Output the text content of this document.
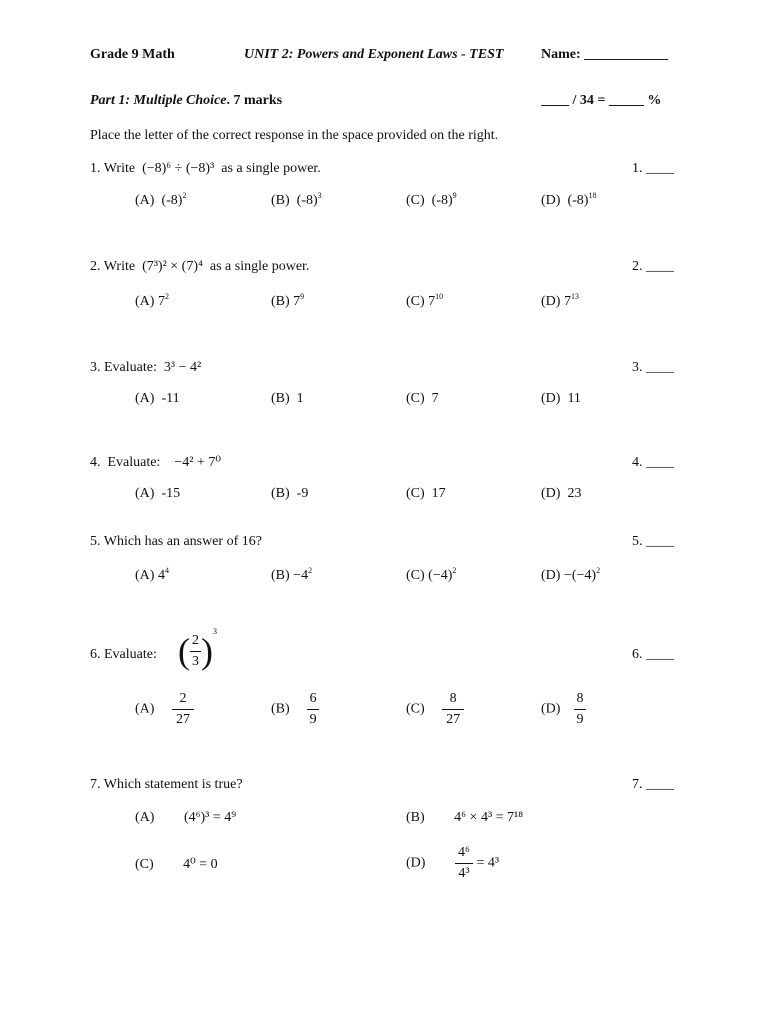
Grade 9 Math	UNIT 2: Powers and Exponent Laws - TEST	Name: ____________
Part 1: Multiple Choice. 7 marks	____ / 34 = _____ %
Place the letter of the correct response in the space provided on the right.
1. Write (−8)⁶ ÷ (−8)³ as a single power.	1. ____
(A) $(-8)^2$	(B) $(-8)^3$	(C) $(-8)^9$	(D) $(-8)^{18}$
2. Write (7³)² × (7)⁴ as a single power.	2. ____
(A) $7^2$	(B) $7^9$	(C) $7^{10}$	(D) $7^{13}$
3. Evaluate: 3³ − 4²	3. ____
(A) -11	(B) 1	(C) 7	(D) 11
4. Evaluate: −4² + 7⁰	4. ____
(A) -15	(B) -9	(C) 17	(D) 23
5. Which has an answer of 16?	5. ____
(A) $4^4$	$(B) -4^2$	(C) $(-4)^2$	$(D) -(-4)^2$
6. Evaluate: ( $\frac{2}{3} )^3$
6. ____
$(A) \frac{2}{27}$	$(B) \frac{6}{9}$	$(C) \frac{8}{27}$	$(D) \frac{8}{9}$
7. Which statement is true?	7. ____
(A) (4⁶)³ = 4⁹	(B) 4⁶ × 4³ = 7¹⁸
(C) 4⁰ = 0	$(D) \frac{\text{4⁶}}{\text{4³}} = 4^3$
